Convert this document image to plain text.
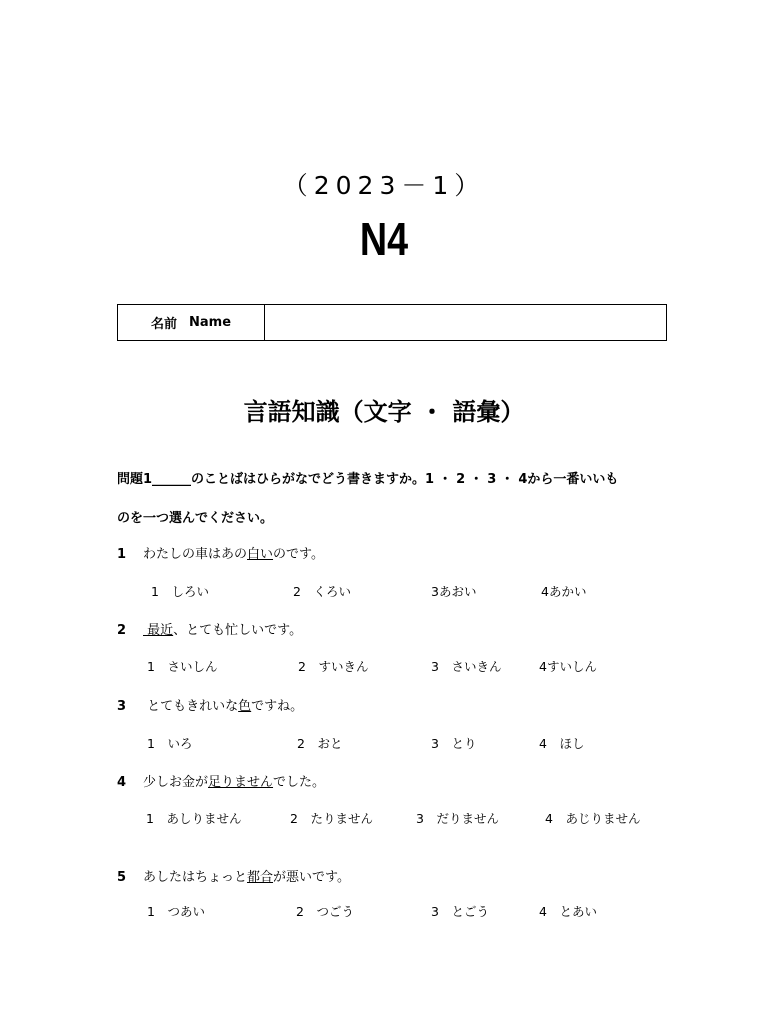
（2023－1）
N4
名前 Name
言語知識（文字 ・ 語彙）
問題1______のことばはひらがなでどう書きますか。1 ・ 2 ・ 3 ・ 4から一番いいも
のを一つ選んでください。
1 わたしの車はあの白いのです。
1　しろい	2　くろい	3あおい	4あかい
2 最近、とても忙しいです。
1　さいしん	2　すいきん	3　さいきん	4すいしん
3 とてもきれいな色ですね。
1　いろ	2　おと	3　とり	4　ほし
4 少しお金が足りませんでした。
1　あしりません	2　たりません	3　だりません	4　あじりません
5 あしたはちょっと都合が悪いです。
1　つあい	2　つごう	3　とごう	4　とあい
